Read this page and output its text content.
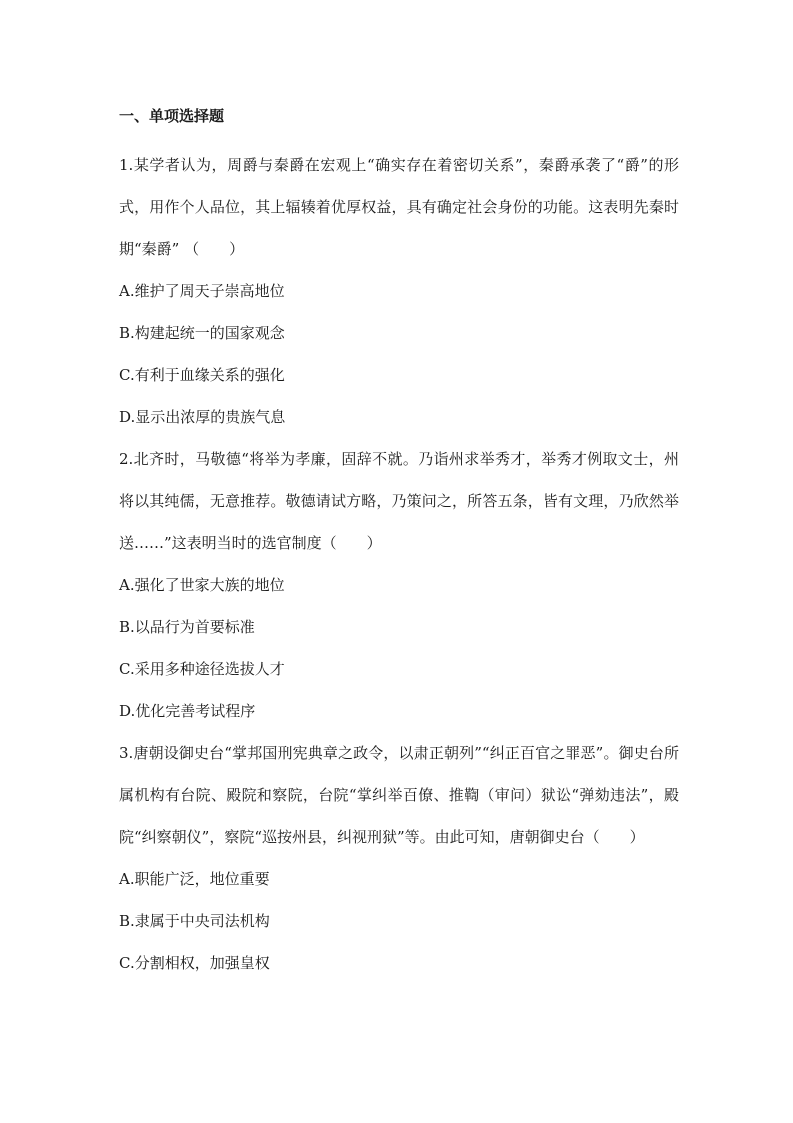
一、单项选择题

1.某学者认为，周爵与秦爵在宏观上“确实存在着密切关系”，秦爵承袭了“爵”的形式，用作个人品位，其上辐辏着优厚权益，具有确定社会身份的功能。这表明先秦时期“秦爵” （　　）

A.维护了周天子崇高地位

B.构建起统一的国家观念

C.有利于血缘关系的强化

D.显示出浓厚的贵族气息

2.北齐时，马敬德“将举为孝廉，固辞不就。乃诣州求举秀才，举秀才例取文士，州将以其纯儒，无意推荐。敬德请试方略，乃策问之，所答五条，皆有文理，乃欣然举送……”这表明当时的选官制度（　　）

A.强化了世家大族的地位

B.以品行为首要标准

C.采用多种途径选拔人才

D.优化完善考试程序

3.唐朝设御史台“掌邦国刑宪典章之政令，以肃正朝列”“纠正百官之罪恶”。御史台所属机构有台院、殿院和察院，台院“掌纠举百僚、推鞫（审问）狱讼“弹劾违法”，殿院“纠察朝仪”，察院“巡按州县，纠视刑狱”等。由此可知，唐朝御史台（　　）

A.职能广泛，地位重要

B.隶属于中央司法机构

C.分割相权，加强皇权
